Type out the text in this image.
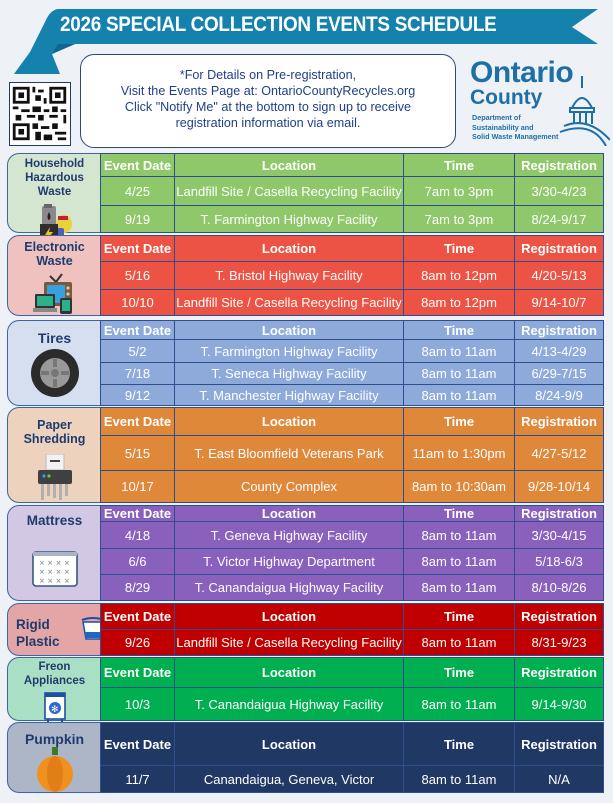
2026 SPECIAL COLLECTION EVENTS SCHEDULE
*For Details on Pre-registration,
Visit the Events Page at: OntarioCountyRecycles.org
Click "Notify Me" at the bottom to sign up to receive
registration information via email.
Ontario
County
Department of
Sustainability and
Solid Waste Management
Household
Hazardous
Waste
Event Date	Location	Time	Registration
4/25	Landfill Site / Casella Recycling Facility	7am to 3pm	3/30-4/23
9/19	T. Farmington Highway Facility	7am to 3pm	8/24-9/17
Electronic
Waste
Event Date	Location	Time	Registration
5/16	T. Bristol Highway Facility	8am to 12pm	4/20-5/13
10/10	Landfill Site / Casella Recycling Facility	8am to 12pm	9/14-10/7
Tires	Event Date	Location	Time	Registration
5/2	T. Farmington Highway Facility	8am to 11am	4/13-4/29
7/18	T. Seneca Highway Facility	8am to 11am	6/29-7/15
9/12	T. Manchester Highway Facility	8am to 11am	8/24-9/9
Paper
Shredding
Event Date	Location	Time	Registration
5/15	T. East Bloomfield Veterans Park	11am to 1:30pm	4/27-5/12
10/17	County Complex	8am to 10:30am	9/28-10/14
Mattress
× × × ×
× × × ×
× × × ×
Event Date	Location	Time	Registration
4/18	T. Geneva Highway Facility	8am to 11am	3/30-4/15
6/6	T. Victor Highway Department	8am to 11am	5/18-6/3
8/29	T. Canandaigua Highway Facility	8am to 11am	8/10-8/26
Rigid
Plastic
Event Date	Location	Time	Registration
9/26	Landfill Site / Casella Recycling Facility	8am to 11am	8/31-9/23
Freon
Appliances
✻
Event Date	Location	Time	Registration
10/3	T. Canandaigua Highway Facility	8am to 11am	9/14-9/30
Pumpkin	Event Date	Location	Time	Registration
11/7	Canandaigua, Geneva, Victor	8am to 11am	N/A
